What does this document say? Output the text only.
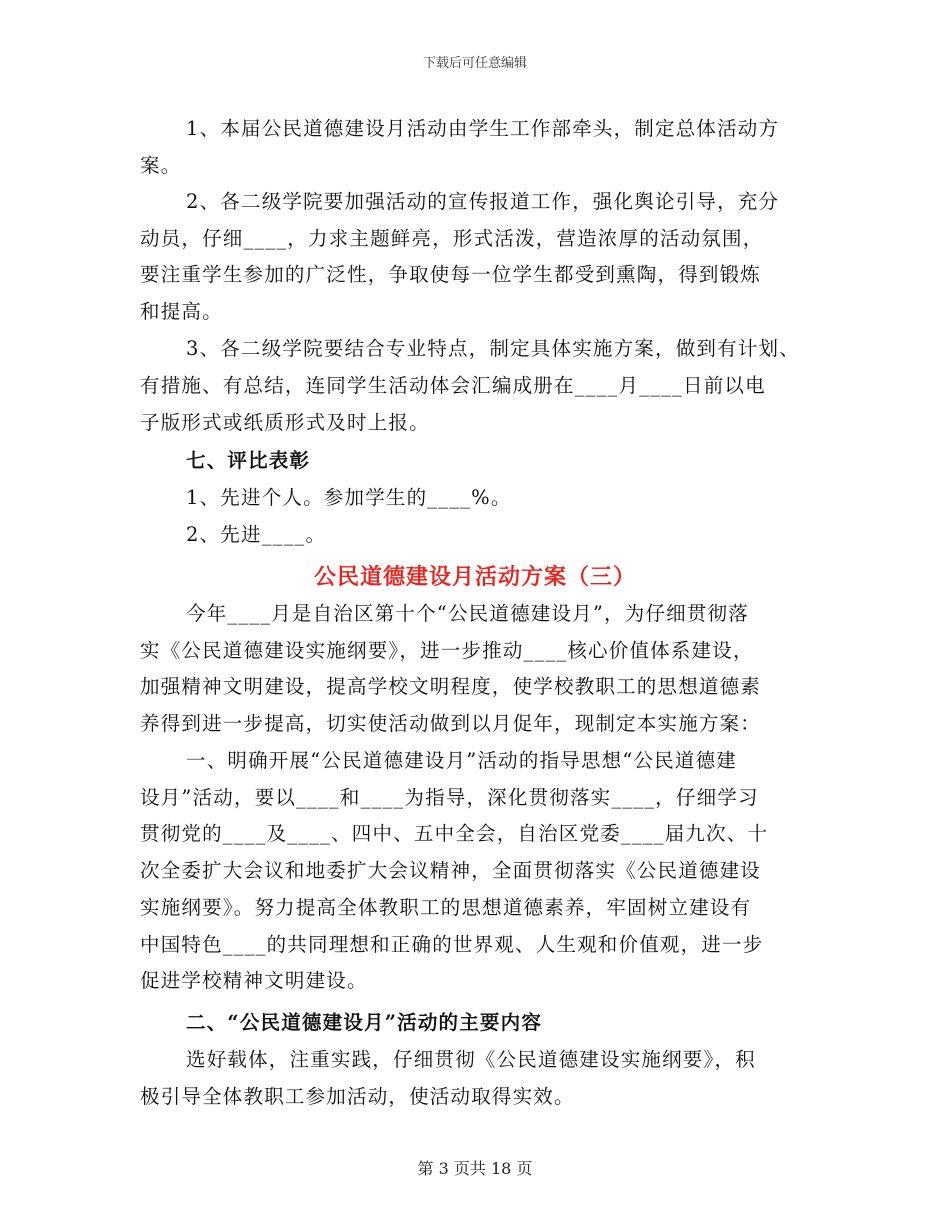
下载后可任意编辑
1、本届公民道德建设月活动由学生工作部牵头，制定总体活动方
案。
2、各二级学院要加强活动的宣传报道工作，强化舆论引导，充分
动员，仔细____，力求主题鲜亮，形式活泼，营造浓厚的活动氛围，
要注重学生参加的广泛性，争取使每一位学生都受到熏陶，得到锻炼
和提高。
3、各二级学院要结合专业特点，制定具体实施方案，做到有计划、
有措施、有总结，连同学生活动体会汇编成册在____月____日前以电
子版形式或纸质形式及时上报。
七、评比表彰
1、先进个人。参加学生的____%。
2、先进____。
公民道德建设月活动方案（三）
今年____月是自治区第十个“公民道德建设月”，为仔细贯彻落
实《公民道德建设实施纲要》，进一步推动____核心价值体系建设，
加强精神文明建设，提高学校文明程度，使学校教职工的思想道德素
养得到进一步提高，切实使活动做到以月促年，现制定本实施方案：
一、明确开展“公民道德建设月”活动的指导思想“公民道德建
设月”活动，要以____和____为指导，深化贯彻落实____，仔细学习
贯彻党的____及____、四中、五中全会，自治区党委____届九次、十
次全委扩大会议和地委扩大会议精神，全面贯彻落实《公民道德建设
实施纲要》。努力提高全体教职工的思想道德素养，牢固树立建设有
中国特色____的共同理想和正确的世界观、人生观和价值观，进一步
促进学校精神文明建设。
二、“公民道德建设月”活动的主要内容
选好载体，注重实践，仔细贯彻《公民道德建设实施纲要》，积
极引导全体教职工参加活动，使活动取得实效。
第 3 页共 18 页
